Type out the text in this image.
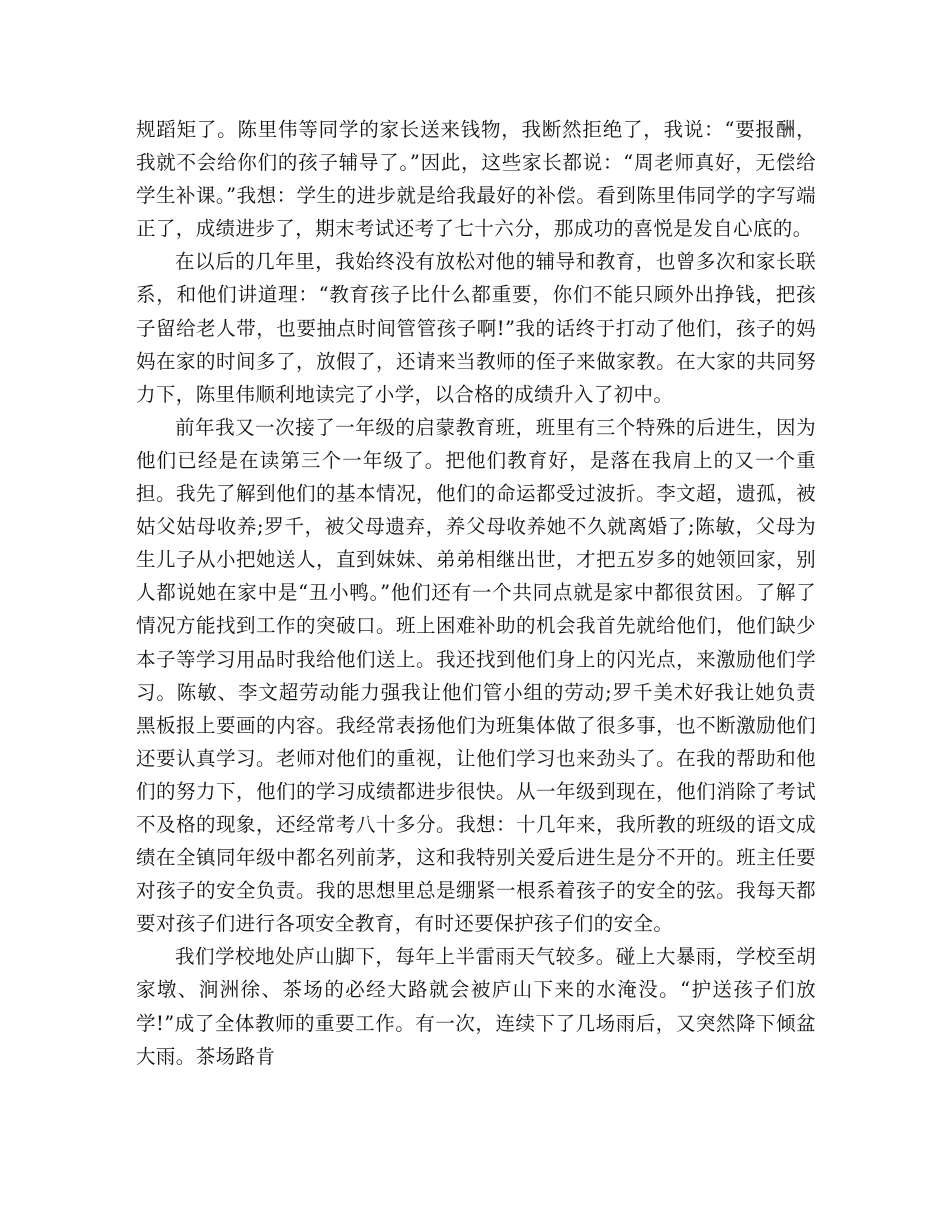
规蹈矩了。陈里伟等同学的家长送来钱物，我断然拒绝了，我说：“要报酬，我就不会给你们的孩子辅导了。”因此，这些家长都说：“周老师真好，无偿给学生补课。”我想：学生的进步就是给我最好的补偿。看到陈里伟同学的字写端正了，成绩进步了，期末考试还考了七十六分，那成功的喜悦是发自心底的。

在以后的几年里，我始终没有放松对他的辅导和教育，也曾多次和家长联系，和他们讲道理：“教育孩子比什么都重要，你们不能只顾外出挣钱，把孩子留给老人带，也要抽点时间管管孩子啊!”我的话终于打动了他们，孩子的妈妈在家的时间多了，放假了，还请来当教师的侄子来做家教。在大家的共同努力下，陈里伟顺利地读完了小学，以合格的成绩升入了初中。

前年我又一次接了一年级的启蒙教育班，班里有三个特殊的后进生，因为他们已经是在读第三个一年级了。把他们教育好，是落在我肩上的又一个重担。我先了解到他们的基本情况，他们的命运都受过波折。李文超，遗孤，被姑父姑母收养;罗千，被父母遗弃，养父母收养她不久就离婚了;陈敏，父母为生儿子从小把她送人，直到妹妹、弟弟相继出世，才把五岁多的她领回家，别人都说她在家中是“丑小鸭。”他们还有一个共同点就是家中都很贫困。了解了情况方能找到工作的突破口。班上困难补助的机会我首先就给他们，他们缺少本子等学习用品时我给他们送上。我还找到他们身上的闪光点，来激励他们学习。陈敏、李文超劳动能力强我让他们管小组的劳动;罗千美术好我让她负责黑板报上要画的内容。我经常表扬他们为班集体做了很多事，也不断激励他们还要认真学习。老师对他们的重视，让他们学习也来劲头了。在我的帮助和他们的努力下，他们的学习成绩都进步很快。从一年级到现在，他们消除了考试不及格的现象，还经常考八十多分。我想：十几年来，我所教的班级的语文成绩在全镇同年级中都名列前茅，这和我特别关爱后进生是分不开的。班主任要对孩子的安全负责。我的思想里总是绷紧一根系着孩子的安全的弦。我每天都要对孩子们进行各项安全教育，有时还要保护孩子们的安全。

我们学校地处庐山脚下，每年上半雷雨天气较多。碰上大暴雨，学校至胡家墩、涧洲徐、茶场的必经大路就会被庐山下来的水淹没。“护送孩子们放学!”成了全体教师的重要工作。有一次，连续下了几场雨后，又突然降下倾盆大雨。茶场路肯
